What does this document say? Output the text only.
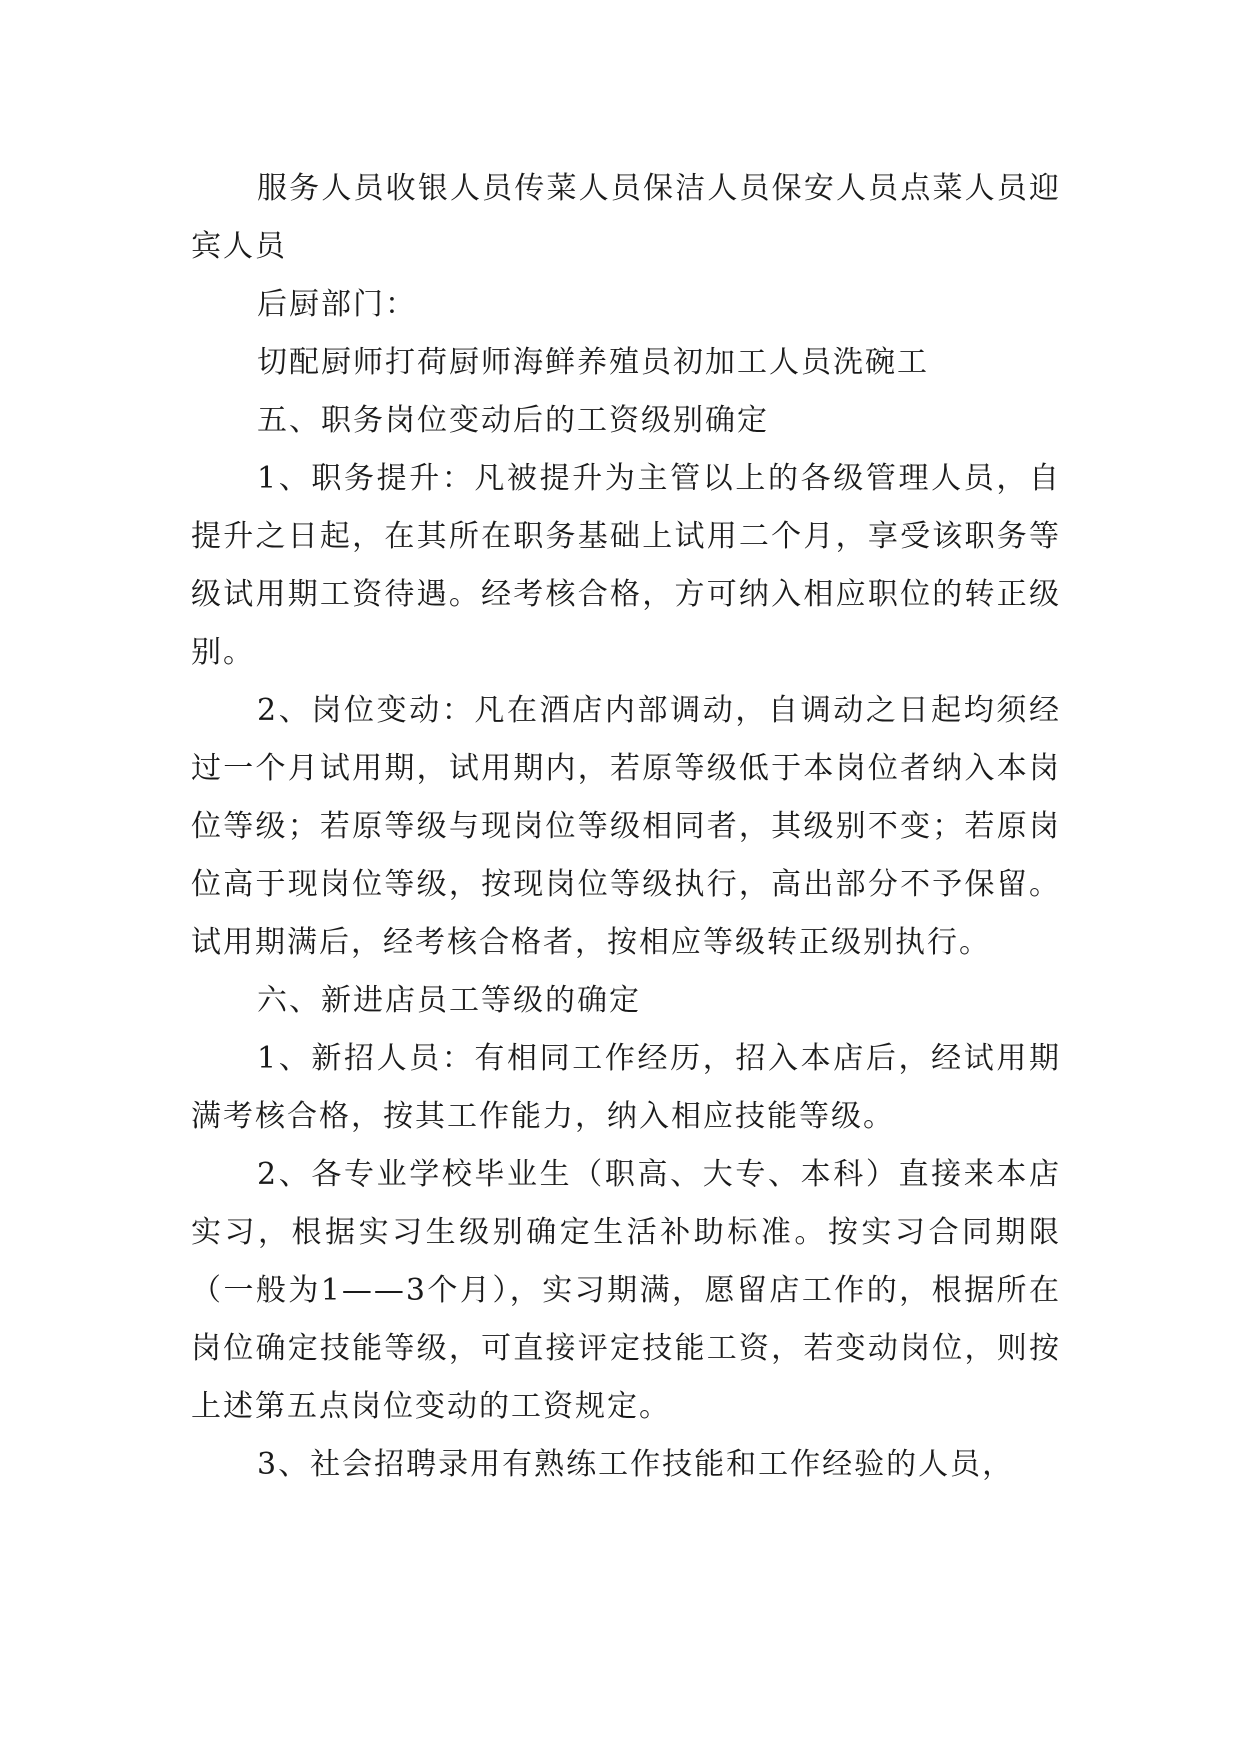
服务人员收银人员传菜人员保洁人员保安人员点菜人员迎宾人员

后厨部门：

切配厨师打荷厨师海鲜养殖员初加工人员洗碗工

五、职务岗位变动后的工资级别确定

1、职务提升：凡被提升为主管以上的各级管理人员，自提升之日起，在其所在职务基础上试用二个月，享受该职务等级试用期工资待遇。经考核合格，方可纳入相应职位的转正级别。

2、岗位变动：凡在酒店内部调动，自调动之日起均须经过一个月试用期，试用期内，若原等级低于本岗位者纳入本岗位等级；若原等级与现岗位等级相同者，其级别不变；若原岗位高于现岗位等级，按现岗位等级执行，高出部分不予保留。试用期满后，经考核合格者，按相应等级转正级别执行。

六、新进店员工等级的确定

1、新招人员：有相同工作经历，招入本店后，经试用期满考核合格，按其工作能力，纳入相应技能等级。

2、各专业学校毕业生（职高、大专、本科）直接来本店实习，根据实习生级别确定生活补助标准。按实习合同期限（一般为1——3个月），实习期满，愿留店工作的，根据所在岗位确定技能等级，可直接评定技能工资，若变动岗位，则按上述第五点岗位变动的工资规定。

3、社会招聘录用有熟练工作技能和工作经验的人员，
